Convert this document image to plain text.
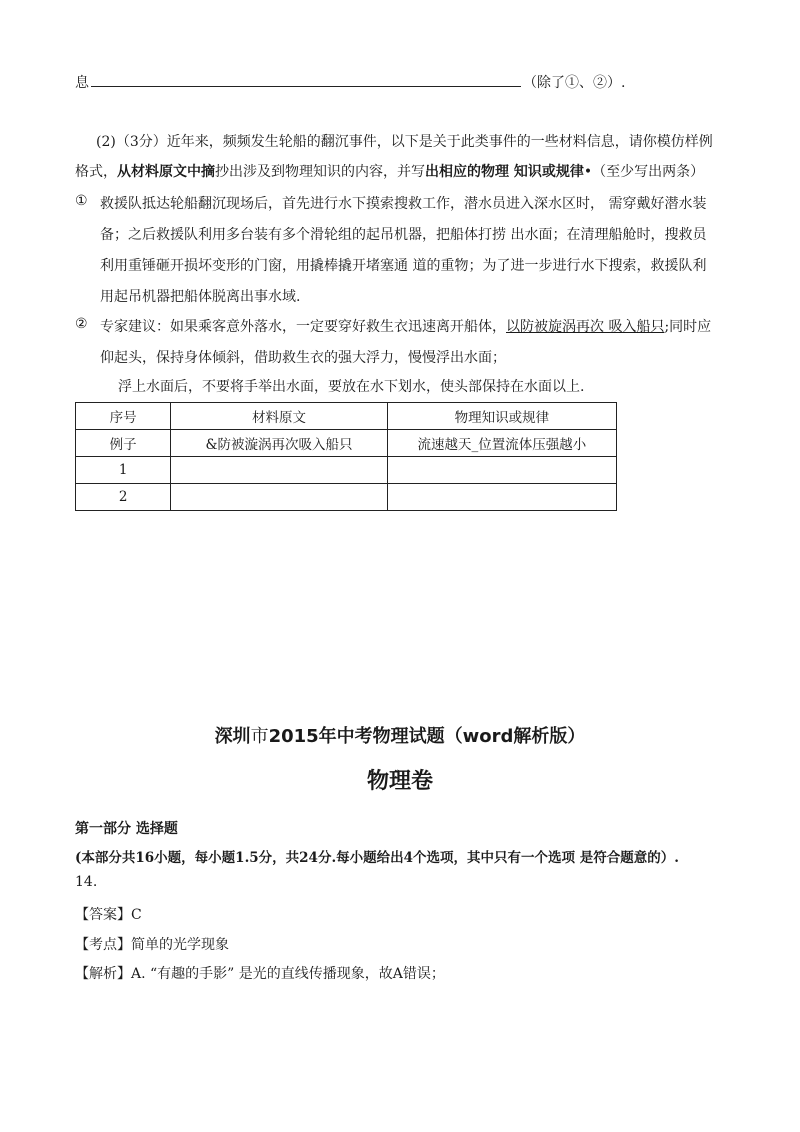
息	（除了①、②）.
(2)（3分）近年来，频频发生轮船的翻沉事件，以下是关于此类事件的一些材料信息，请你模仿样例
格式，从材料原文中摘抄出涉及到物理知识的内容，并写出相应的物理 知识或规律•（至少写出两条）
① 救援队抵达轮船翻沉现场后，首先进行水下摸索搜救工作，潜水员进入深水区时， 需穿戴好潜水装
备；之后救援队利用多台装有多个滑轮组的起吊机器，把船体打捞 出水面；在清理船舱时，搜救员
利用重锤砸开损坏变形的门窗，用撬棒撬开堵塞通 道的重物；为了进一步进行水下搜索，救援队利
用起吊机器把船体脱离出事水域.
② 专家建议：如果乘客意外落水，一定要穿好救生衣迅速离开船体，以防被旋涡再次 吸入船只;同时应
仰起头，保持身体倾斜，借助救生衣的强大浮力，慢慢浮出水面；
浮上水面后，不要将手举出水面，要放在水下划水，使头部保持在水面以上.
序号	材料原文	物理知识或规律
例子	&防被漩涡再次吸入船只	流速越天_位置流体压强越小
1		
2		
深圳市2015年中考物理试题（word解析版）
物理卷
第一部分 选择题
(本部分共16小题，每小题1.5分，共24分.每小题给出4个选项，其中只有一个选项 是符合题意的）.
14.
【答案】C
【考点】简单的光学现象
【解析】A. “有趣的手影” 是光的直线传播现象，故A错误；
